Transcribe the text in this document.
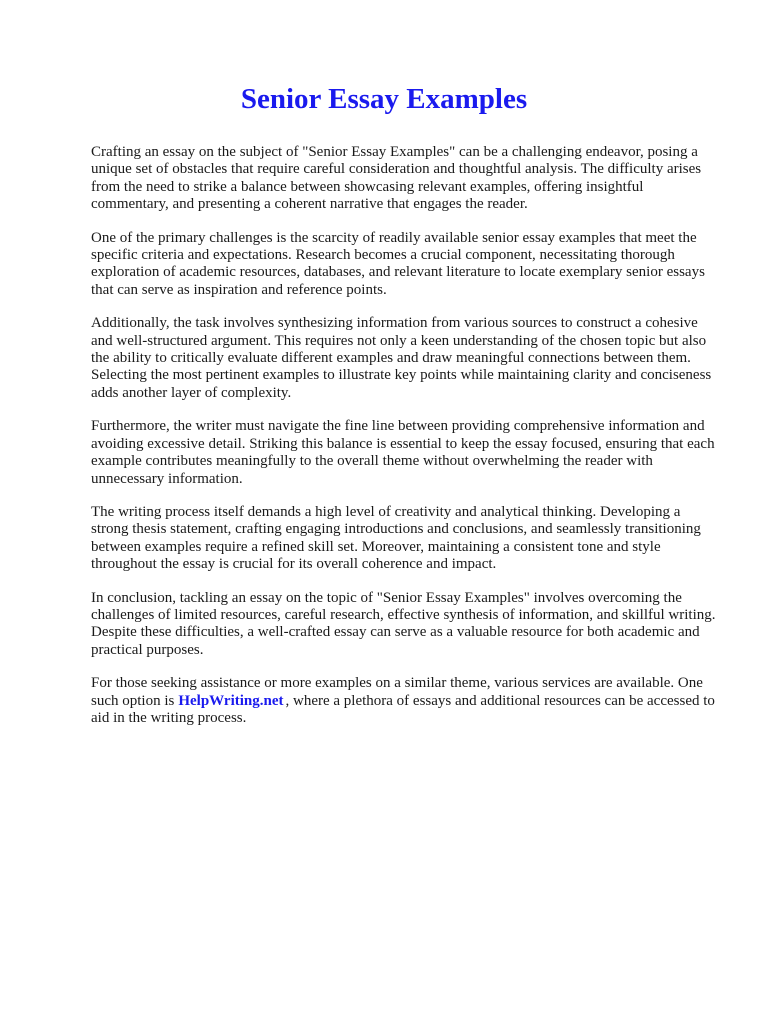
Senior Essay Examples

Crafting an essay on the subject of "Senior Essay Examples" can be a challenging endeavor, posing a unique set of obstacles that require careful consideration and thoughtful analysis. The difficulty arises from the need to strike a balance between showcasing relevant examples, offering insightful commentary, and presenting a coherent narrative that engages the reader.

One of the primary challenges is the scarcity of readily available senior essay examples that meet the specific criteria and expectations. Research becomes a crucial component, necessitating thorough exploration of academic resources, databases, and relevant literature to locate exemplary senior essays that can serve as inspiration and reference points.

Additionally, the task involves synthesizing information from various sources to construct a cohesive and well-structured argument. This requires not only a keen understanding of the chosen topic but also the ability to critically evaluate different examples and draw meaningful connections between them. Selecting the most pertinent examples to illustrate key points while maintaining clarity and conciseness adds another layer of complexity.

Furthermore, the writer must navigate the fine line between providing comprehensive information and avoiding excessive detail. Striking this balance is essential to keep the essay focused, ensuring that each example contributes meaningfully to the overall theme without overwhelming the reader with unnecessary information.

The writing process itself demands a high level of creativity and analytical thinking. Developing a strong thesis statement, crafting engaging introductions and conclusions, and seamlessly transitioning between examples require a refined skill set. Moreover, maintaining a consistent tone and style throughout the essay is crucial for its overall coherence and impact.

In conclusion, tackling an essay on the topic of "Senior Essay Examples" involves overcoming the challenges of limited resources, careful research, effective synthesis of information, and skillful writing. Despite these difficulties, a well-crafted essay can serve as a valuable resource for both academic and practical purposes.

For those seeking assistance or more examples on a similar theme, various services are available. One such option is HelpWriting.net , where a plethora of essays and additional resources can be accessed to aid in the writing process.
